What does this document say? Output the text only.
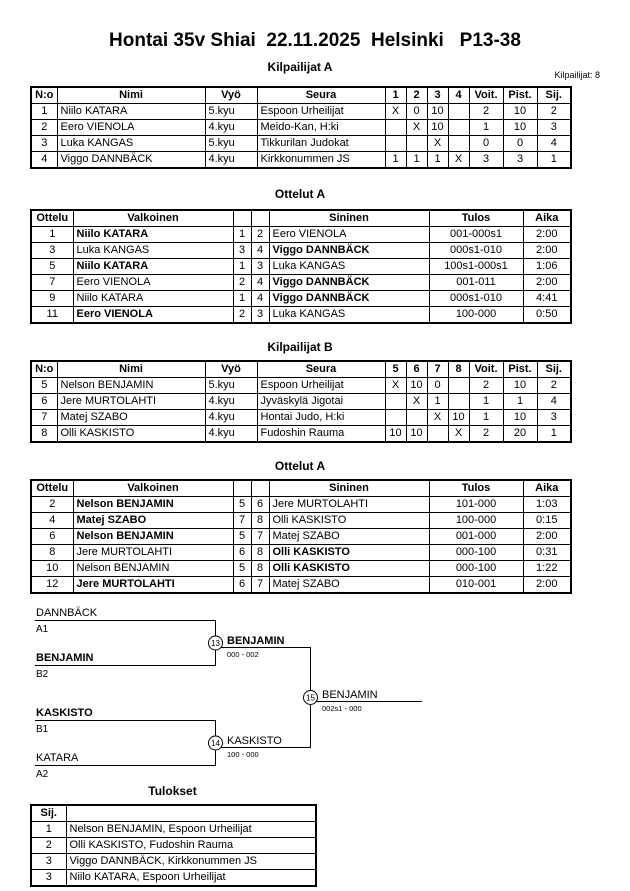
Hontai 35v Shiai  22.11.2025  Helsinki   P13-38
Kilpailijat: 8
Kilpailijat A
N:o	Nimi	Vyö	Seura	1	2	3	4	Voit.	Pist.	Sij.
1	Niilo KATARA	5.kyu	Espoon Urheilijat	X	0	10		2	10	2
2	Eero VIENOLA	4.kyu	Meido-Kan, H:ki		X	10		1	10	3
3	Luka KANGAS	5.kyu	Tikkurilan Judokat			X		0	0	4
4	Viggo DANNBÄCK	4.kyu	Kirkkonummen JS	1	1	1	X	3	3	1
Ottelut A
Ottelu	Valkoinen			Sininen	Tulos	Aika
1	Niilo KATARA	1	2	Eero VIENOLA	001-000s1	2:00
3	Luka KANGAS	3	4	Viggo DANNBÄCK	000s1-010	2:00
5	Niilo KATARA	1	3	Luka KANGAS	100s1-000s1	1:06
7	Eero VIENOLA	2	4	Viggo DANNBÄCK	001-011	2:00
9	Niilo KATARA	1	4	Viggo DANNBÄCK	000s1-010	4:41
11	Eero VIENOLA	2	3	Luka KANGAS	100-000	0:50
Kilpailijat B
N:o	Nimi	Vyö	Seura	5	6	7	8	Voit.	Pist.	Sij.
5	Nelson BENJAMIN	5.kyu	Espoon Urheilijat	X	10	0		2	10	2
6	Jere MURTOLAHTI	4.kyu	Jyväskylä Jigotai		X	1		1	1	4
7	Matej SZABO	4.kyu	Hontai Judo, H:ki			X	10	1	10	3
8	Olli KASKISTO	4.kyu	Fudoshin Rauma	10	10		X	2	20	1
Ottelut A
Ottelu	Valkoinen			Sininen	Tulos	Aika
2	Nelson BENJAMIN	5	6	Jere MURTOLAHTI	101-000	1:03
4	Matej SZABO	7	8	Olli KASKISTO	100-000	0:15
6	Nelson BENJAMIN	5	7	Matej SZABO	001-000	2:00
8	Jere MURTOLAHTI	6	8	Olli KASKISTO	000-100	0:31
10	Nelson BENJAMIN	5	8	Olli KASKISTO	000-100	1:22
12	Jere MURTOLAHTI	6	7	Matej SZABO	010-001	2:00
DANNBÄCK
A1
BENJAMIN
B2
KASKISTO
B1
KATARA
A2
BENJAMIN
000 - 002
KASKISTO
100 - 000
BENJAMIN
002s1 - 000
13
14
15
Tulokset
Sij.	
1	Nelson BENJAMIN, Espoon Urheilijat
2	Olli KASKISTO, Fudoshin Rauma
3	Viggo DANNBÄCK, Kirkkonummen JS
3	Niilo KATARA, Espoon Urheilijat
